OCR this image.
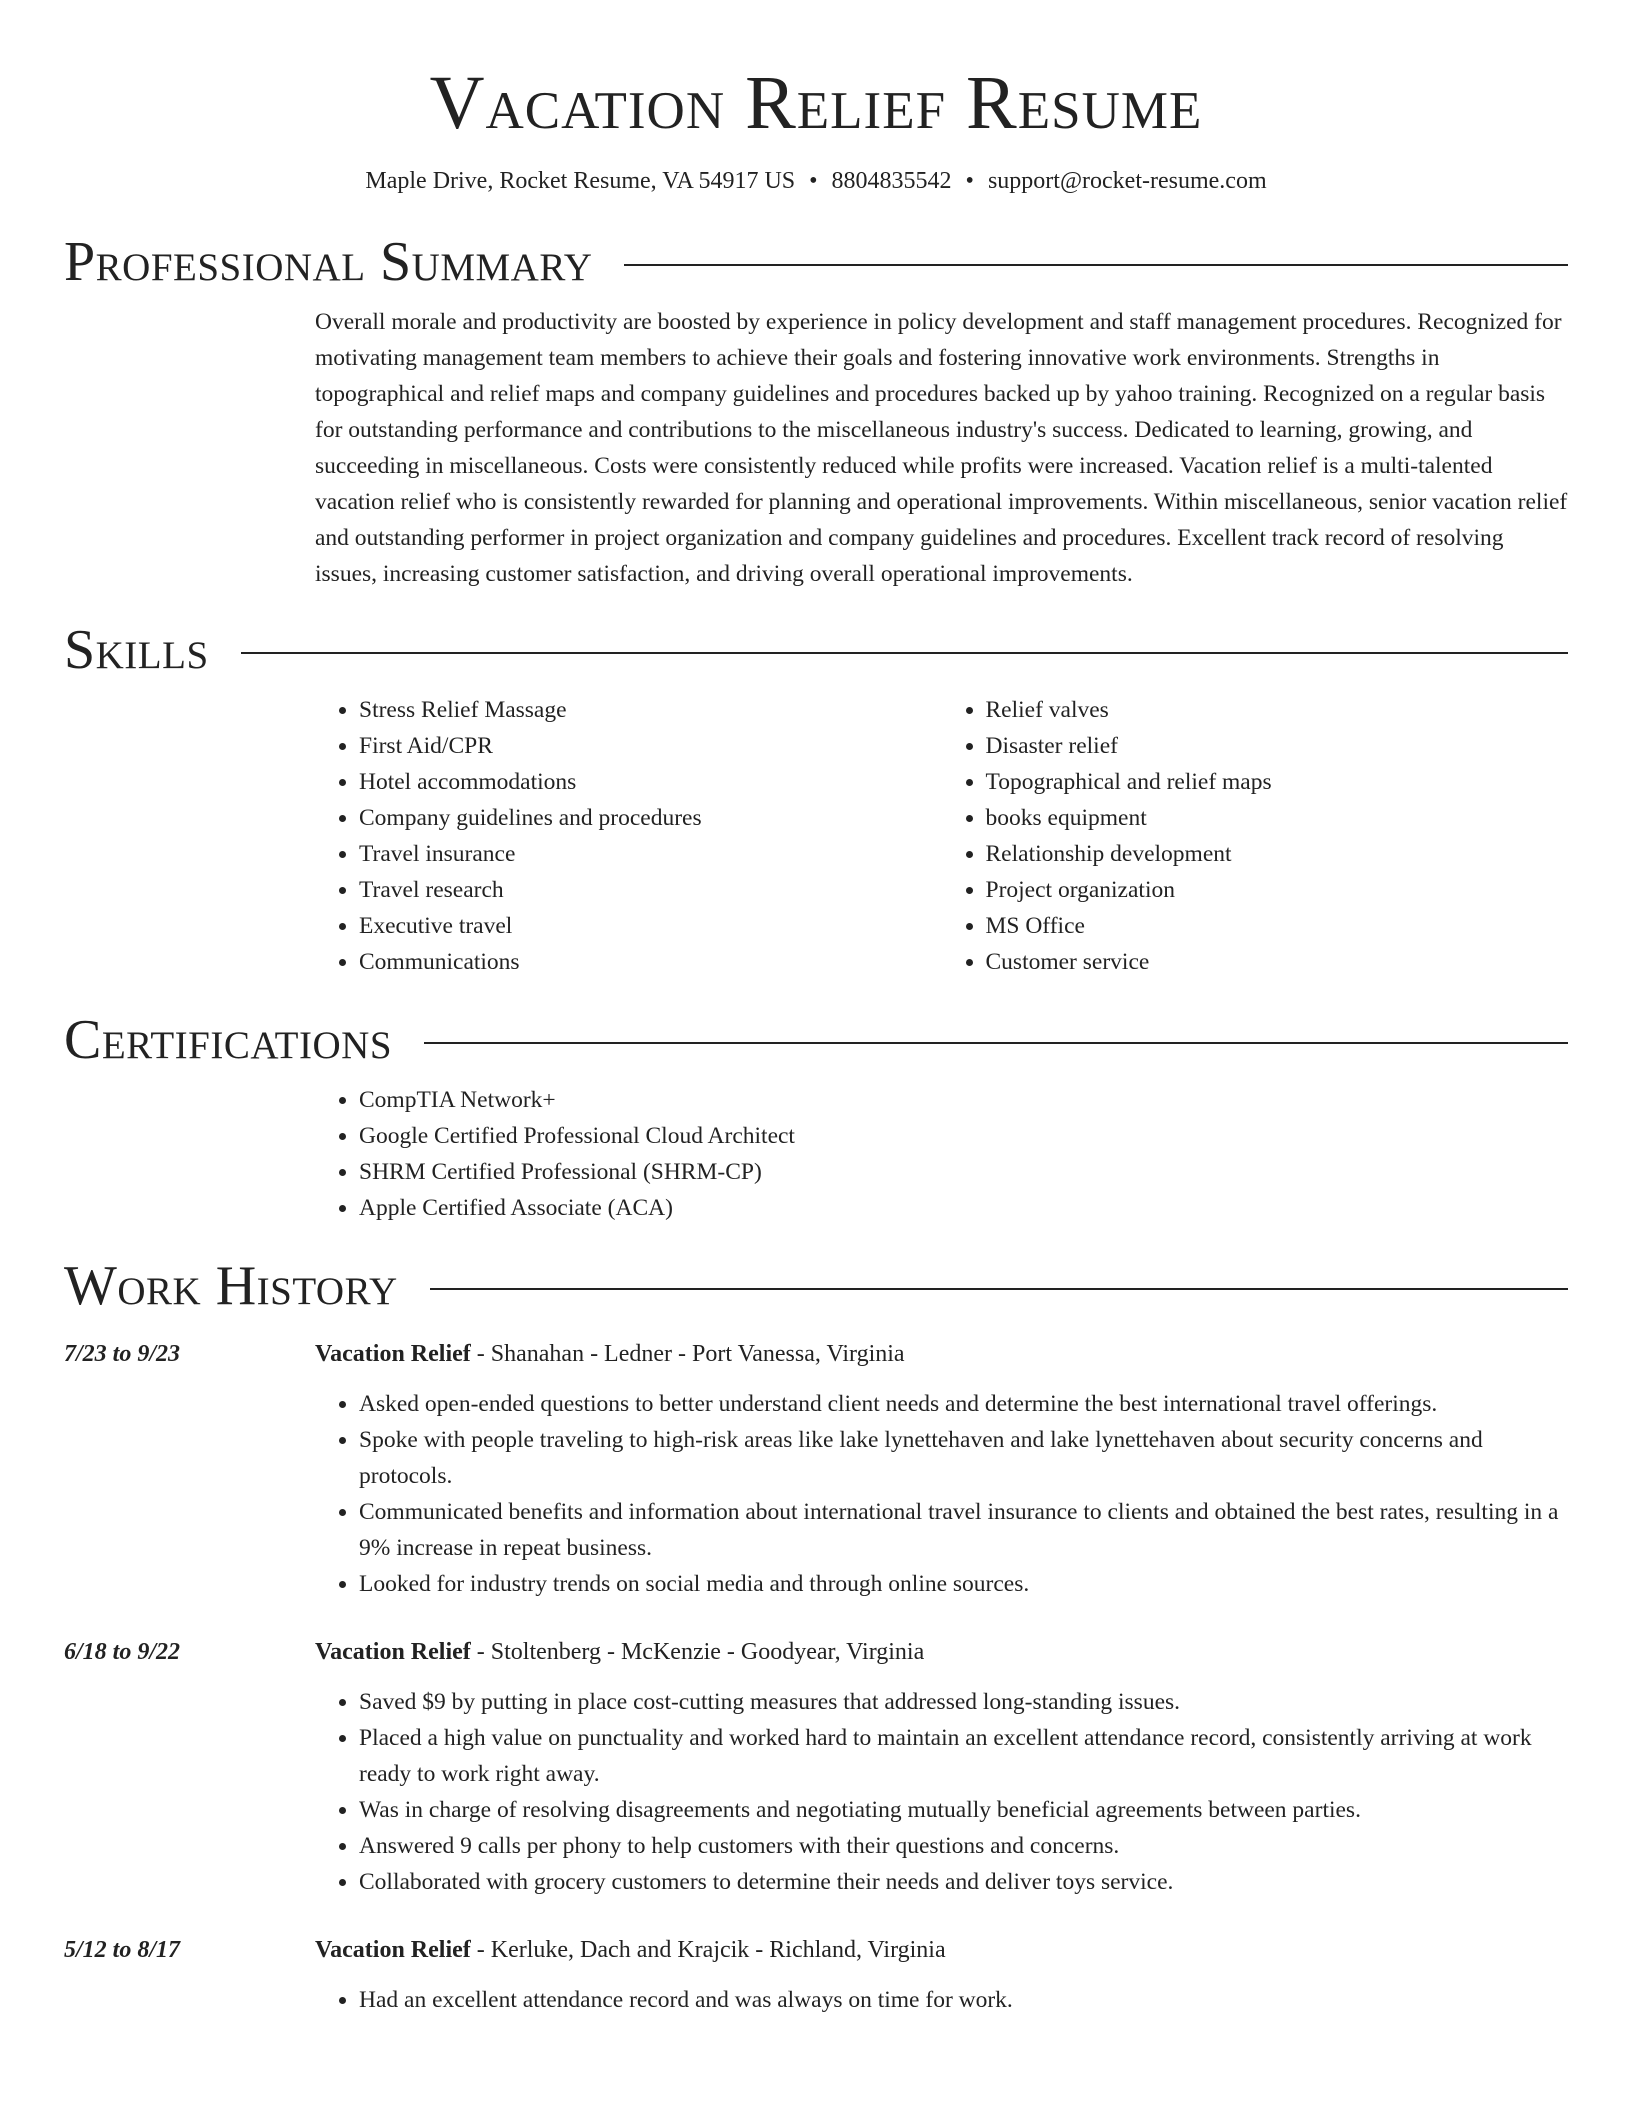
Vacation Relief Resume
Maple Drive, Rocket Resume, VA 54917 US • 8804835542 • support@rocket-resume.com
Professional Summary
Overall morale and productivity are boosted by experience in policy development and staff management procedures. Recognized for motivating management team members to achieve their goals and fostering innovative work environments. Strengths in topographical and relief maps and company guidelines and procedures backed up by yahoo training. Recognized on a regular basis for outstanding performance and contributions to the miscellaneous industry's success. Dedicated to learning, growing, and succeeding in miscellaneous. Costs were consistently reduced while profits were increased. Vacation relief is a multi-talented vacation relief who is consistently rewarded for planning and operational improvements. Within miscellaneous, senior vacation relief and outstanding performer in project organization and company guidelines and procedures. Excellent track record of resolving issues, increasing customer satisfaction, and driving overall operational improvements.
Skills
• Stress Relief Massage
• First Aid/CPR
• Hotel accommodations
• Company guidelines and procedures
• Travel insurance
• Travel research
• Executive travel
• Communications
• Relief valves
• Disaster relief
• Topographical and relief maps
• books equipment
• Relationship development
• Project organization
• MS Office
• Customer service
Certifications
• CompTIA Network+
• Google Certified Professional Cloud Architect
• SHRM Certified Professional (SHRM-CP)
• Apple Certified Associate (ACA)
Work History
7/23 to 9/23	Vacation Relief - Shanahan - Ledner - Port Vanessa, Virginia
• Asked open-ended questions to better understand client needs and determine the best international travel offerings.
• Spoke with people traveling to high-risk areas like lake lynettehaven and lake lynettehaven about security concerns and protocols.
• Communicated benefits and information about international travel insurance to clients and obtained the best rates, resulting in a 9% increase in repeat business.
• Looked for industry trends on social media and through online sources.
6/18 to 9/22	Vacation Relief - Stoltenberg - McKenzie - Goodyear, Virginia
• Saved $9 by putting in place cost-cutting measures that addressed long-standing issues.
• Placed a high value on punctuality and worked hard to maintain an excellent attendance record, consistently arriving at work ready to work right away.
• Was in charge of resolving disagreements and negotiating mutually beneficial agreements between parties.
• Answered 9 calls per phony to help customers with their questions and concerns.
• Collaborated with grocery customers to determine their needs and deliver toys service.
5/12 to 8/17	Vacation Relief - Kerluke, Dach and Krajcik - Richland, Virginia
• Had an excellent attendance record and was always on time for work.
